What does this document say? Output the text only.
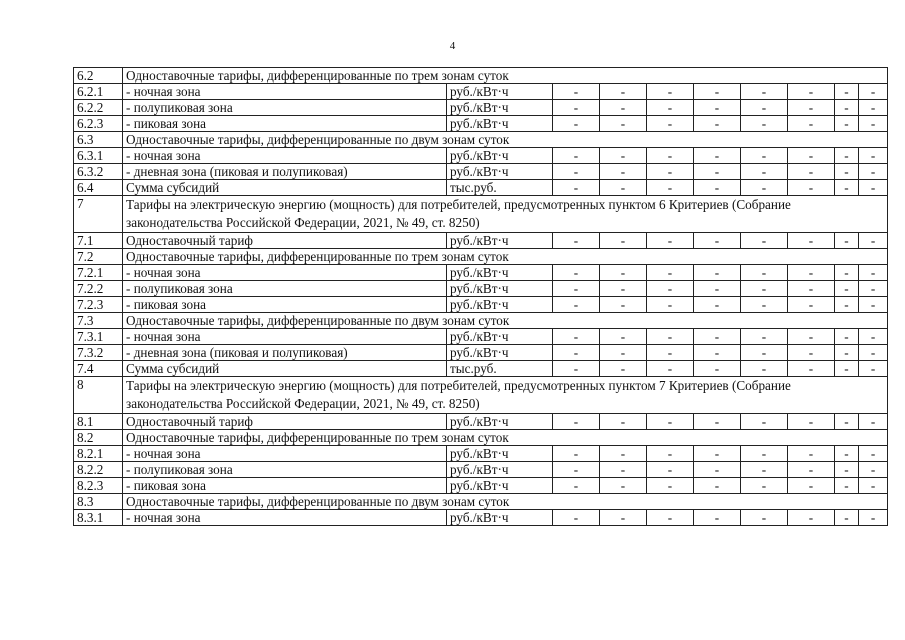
4
6.2	Одноставочные тарифы, дифференцированные по трем зонам суток									
6.2.1	- ночная зона	руб./кВт·ч	-	-	-	-	-	-	-	-
6.2.2	- полупиковая зона	руб./кВт·ч	-	-	-	-	-	-	-	-
6.2.3	- пиковая зона	руб./кВт·ч	-	-	-	-	-	-	-	-
6.3	Одноставочные тарифы, дифференцированные по двум зонам суток									
6.3.1	- ночная зона	руб./кВт·ч	-	-	-	-	-	-	-	-
6.3.2	- дневная зона (пиковая и полупиковая)	руб./кВт·ч	-	-	-	-	-	-	-	-
6.4	Сумма субсидий	тыс.руб.	-	-	-	-	-	-	-	-
7	Тарифы на электрическую энергию (мощность) для потребителей, предусмотренных пунктом 6 Критериев (Собрание законодательства Российской Федерации, 2021, № 49, ст. 8250)									
7.1	Одноставочный тариф	руб./кВт·ч	-	-	-	-	-	-	-	-
7.2	Одноставочные тарифы, дифференцированные по трем зонам суток									
7.2.1	- ночная зона	руб./кВт·ч	-	-	-	-	-	-	-	-
7.2.2	- полупиковая зона	руб./кВт·ч	-	-	-	-	-	-	-	-
7.2.3	- пиковая зона	руб./кВт·ч	-	-	-	-	-	-	-	-
7.3	Одноставочные тарифы, дифференцированные по двум зонам суток									
7.3.1	- ночная зона	руб./кВт·ч	-	-	-	-	-	-	-	-
7.3.2	- дневная зона (пиковая и полупиковая)	руб./кВт·ч	-	-	-	-	-	-	-	-
7.4	Сумма субсидий	тыс.руб.	-	-	-	-	-	-	-	-
8	Тарифы на электрическую энергию (мощность) для потребителей, предусмотренных пунктом 7 Критериев (Собрание законодательства Российской Федерации, 2021, № 49, ст. 8250)									
8.1	Одноставочный тариф	руб./кВт·ч	-	-	-	-	-	-	-	-
8.2	Одноставочные тарифы, дифференцированные по трем зонам суток									
8.2.1	- ночная зона	руб./кВт·ч	-	-	-	-	-	-	-	-
8.2.2	- полупиковая зона	руб./кВт·ч	-	-	-	-	-	-	-	-
8.2.3	- пиковая зона	руб./кВт·ч	-	-	-	-	-	-	-	-
8.3	Одноставочные тарифы, дифференцированные по двум зонам суток									
8.3.1	- ночная зона	руб./кВт·ч	-	-	-	-	-	-	-	-
